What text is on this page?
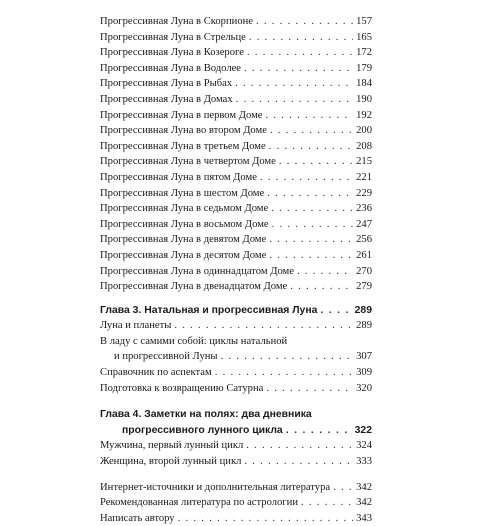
Прогрессивная Луна в Скорпионе . . .	157
Прогрессивная Луна в Стрельце . . .	165
Прогрессивная Луна в Козероге . . .	172
Прогрессивная Луна в Водолее . . .	179
Прогрессивная Луна в Рыбах . . .	184
Прогрессивная Луна в Домах . . .	190
Прогрессивная Луна в первом Доме . . .	192
Прогрессивная Луна во втором Доме . . .	200
Прогрессивная Луна в третьем Доме . . .	208
Прогрессивная Луна в четвертом Доме . . .	215
Прогрессивная Луна в пятом Доме . . .	221
Прогрессивная Луна в шестом Доме . . .	229
Прогрессивная Луна в седьмом Доме . . .	236
Прогрессивная Луна в восьмом Доме . . .	247
Прогрессивная Луна в девятом Доме . . .	256
Прогрессивная Луна в десятом Доме . . .	261
Прогрессивная Луна в одиннадцатом Доме . . .	270
Прогрессивная Луна в двенадцатом Доме . . .	279
Глава 3. Натальная и прогрессивная Луна . . .	289
Луна и планеты . . .	289
В ладу с самими собой: циклы натальной
и прогрессивной Луны . . .	307
Справочник по аспектам . . .	309
Подготовка к возвращению Сатурна . . .	320
Глава 4. Заметки на полях: два дневника
прогрессивного лунного цикла . . .	322
Мужчина, первый лунный цикл . . .	324
Женщина, второй лунный цикл . . .	333
Интернет-источники и дополнительная литература . . . 342
Рекомендованная литература по астрологии . . .	342
Написать автору . . .	343
